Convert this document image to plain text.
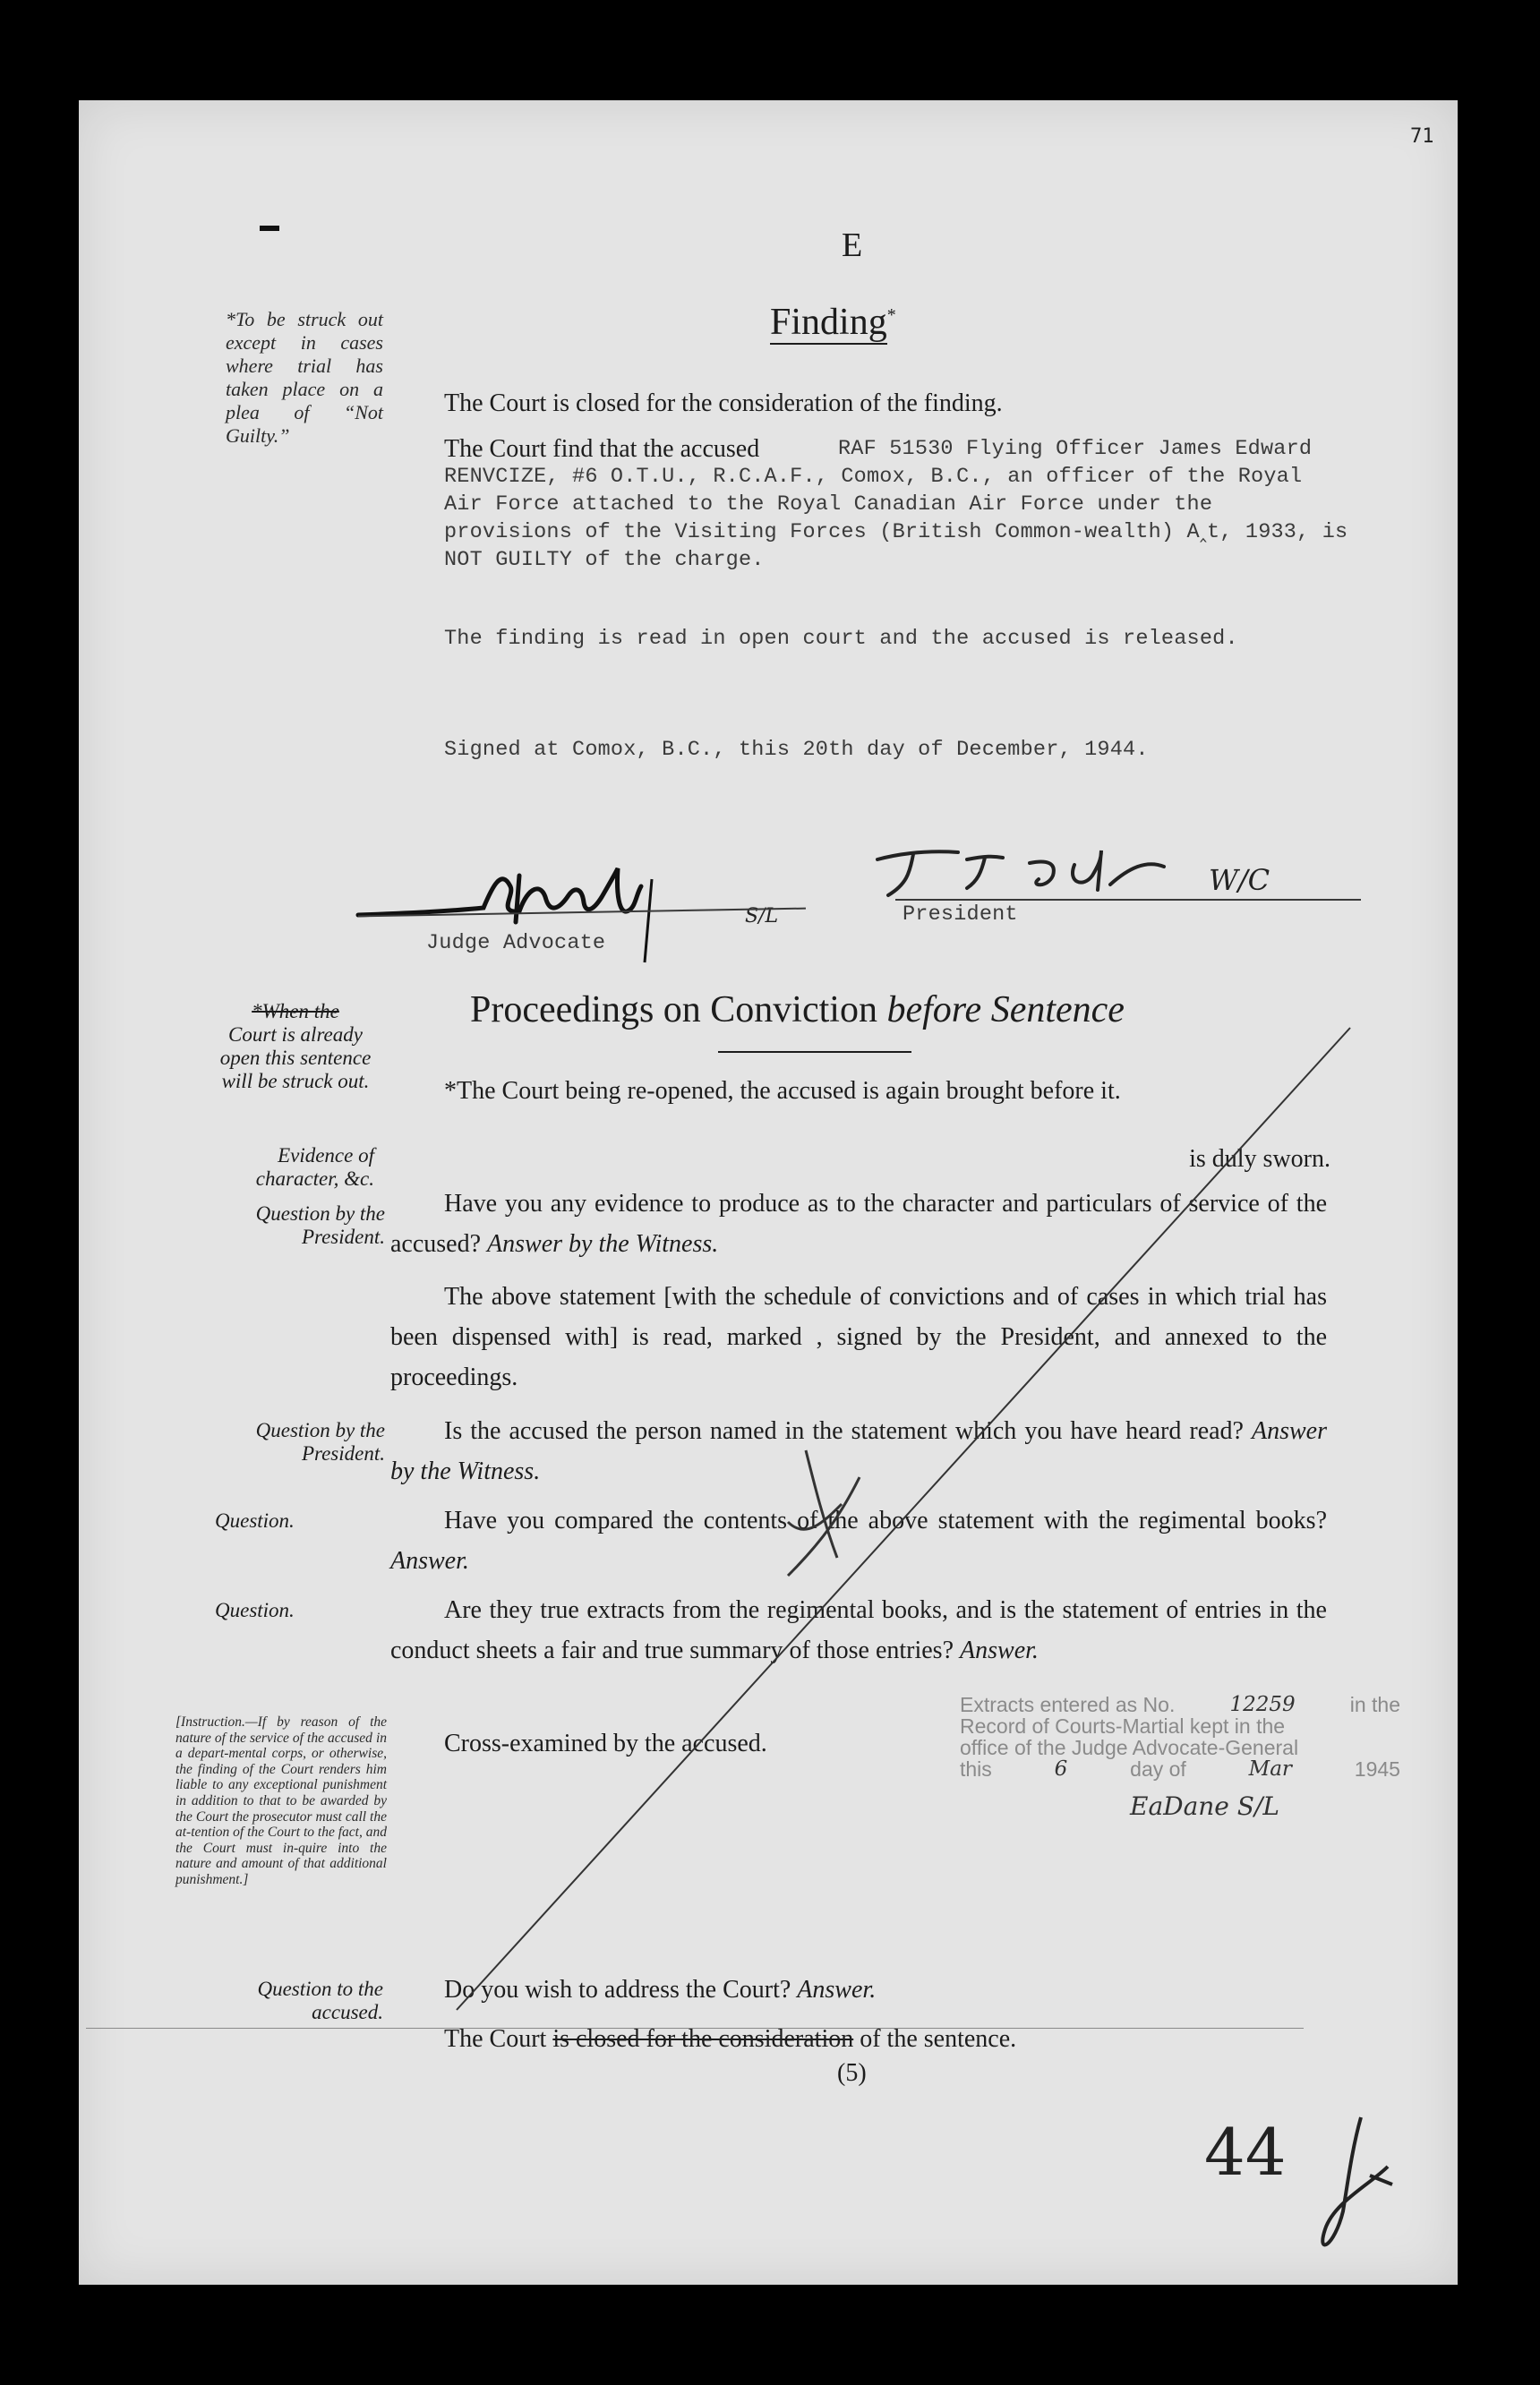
71
E
Finding*
*To be struck out except in cases where trial has taken place on a plea of “Not Guilty.”
The Court is closed for the consideration of the finding.
The Court find that the accused	RAF 51530 Flying Officer James Edward RENVCIZE, #6 O.T.U., R.C.A.F., Comox, B.C., an officer of the Royal Air Force attached to the Royal Canadian Air Force under the provisions of the Visiting Forces (British Common-wealth) A‸t, 1933, is NOT GUILTY of the charge.
The finding is read in open court and the accused is released.
Signed at Comox, B.C., this 20th day of December, 1944.
S/L
W/C
Judge Advocate
President
Proceedings on Conviction before Sentence
*When the
Court is already open this sentence will be struck out.
Evidence of character, &c.
Question by the President.
Question by the President.
Question.
Question.
[Instruction.—If by reason of the nature of the service of the accused in a depart-mental corps, or otherwise, the finding of the Court renders him liable to any exceptional punishment in addition to that to be awarded by the Court the prosecutor must call the at-tention of the Court to the fact, and the Court must in-quire into the nature and amount of that additional punishment.]
Question to the accused.
*The Court being re-opened, the accused is again brought before it.
is duly sworn.
Have you any evidence to produce as to the character and particulars of service of the accused? Answer by the Witness.
The above statement [with the schedule of convictions and of cases in which trial has been dispensed with] is read, marked , signed by the President, and annexed to the proceedings.
Is the accused the person named in the statement which you have heard read? Answer by the Witness.
Have you compared the contents of the above statement with the regimental books? Answer.
Are they true extracts from the regimental books, and is the statement of entries in the conduct sheets a fair and true summary of those entries? Answer.
Cross-examined by the accused.
Do you wish to address the Court? Answer.
The Court is closed for the consideration of the sentence.
(5)
Extracts entered as No.	12259	in the
Record of Courts-Martial kept in the
office of the Judge Advocate-General
this	6	day of	Mar	1945
EaDane S/L
44
